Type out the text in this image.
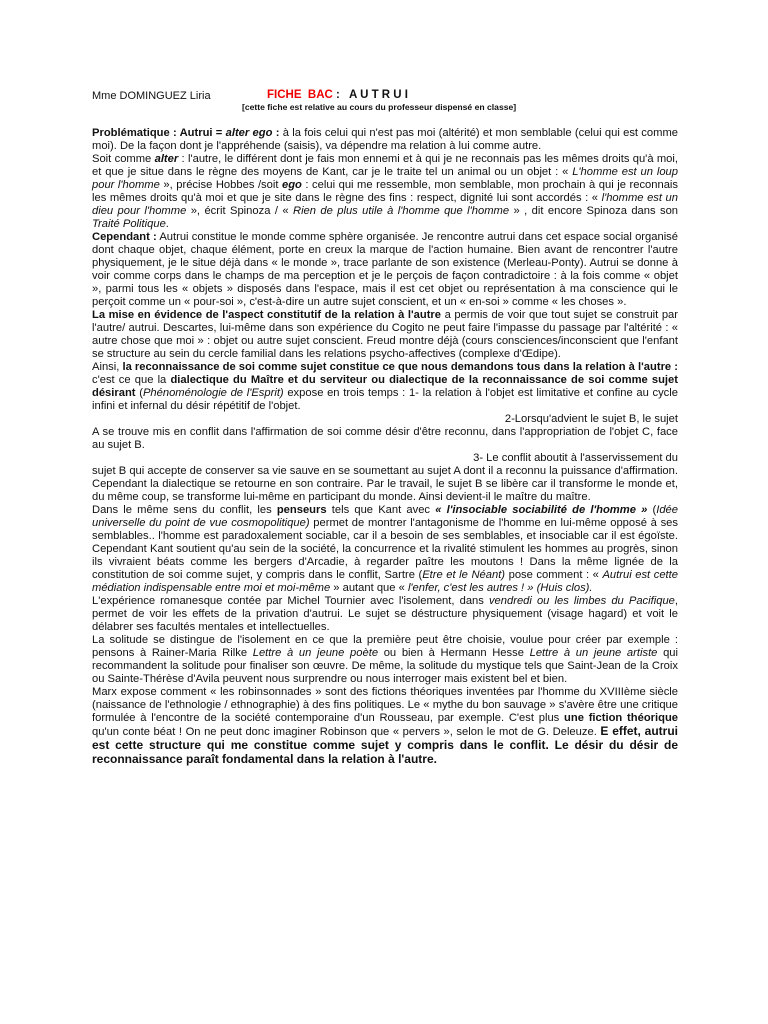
Mme DOMINGUEZ Liria	FICHE  BAC :   A U T R U I
[cette fiche est relative au cours du professeur dispensé en classe]

Problématique : Autrui = alter ego : à la fois celui qui n'est pas moi (altérité) et mon semblable (celui qui est comme moi). De la façon dont je l'appréhende (saisis), va dépendre ma relation à lui comme autre.

Soit comme alter : l'autre, le différent dont je fais mon ennemi et à qui je ne reconnais pas les mêmes droits qu'à moi, et que je situe dans le règne des moyens de Kant, car je le traite tel un animal ou un objet : « L'homme est un loup pour l'homme », précise Hobbes /soit ego : celui qui me ressemble, mon semblable, mon prochain à qui je reconnais les mêmes droits qu'à moi et que je site dans le règne des fins : respect, dignité lui sont accordés : « l'homme est un dieu pour l'homme », écrit Spinoza / « Rien de plus utile à l'homme que l'homme » , dit encore Spinoza dans son Traité Politique.

Cependant : Autrui constitue le monde comme sphère organisée. Je rencontre autrui dans cet espace social organisé dont chaque objet, chaque élément, porte en creux la marque de l'action humaine. Bien avant de rencontrer l'autre physiquement, je le situe déjà dans « le monde », trace parlante de son existence (Merleau-Ponty). Autrui se donne à voir comme corps dans le champs de ma perception et je le perçois de façon contradictoire : à la fois comme « objet », parmi tous les « objets » disposés dans l'espace, mais il est cet objet ou représentation à ma conscience qui le perçoit comme un « pour-soi », c'est-à-dire un autre sujet conscient, et un « en-soi » comme « les choses ».

La mise en évidence de l'aspect constitutif de la relation à l'autre a permis de voir que tout sujet se construit par l'autre/ autrui. Descartes, lui-même dans son expérience du Cogito ne peut faire l'impasse du passage par l'altérité : « autre chose que moi » : objet ou autre sujet conscient. Freud montre déjà (cours consciences/inconscient que l'enfant se structure au sein du cercle familial dans les relations psycho-affectives (complexe d'Œdipe).

Ainsi, la reconnaissance de soi comme sujet constitue ce que nous demandons tous dans la relation à l'autre : c'est ce que la dialectique du Maître et du serviteur ou dialectique de la reconnaissance de soi comme sujet désirant (Phénoménologie de l'Esprit) expose en trois temps : 1- la relation à l'objet est limitative et confine au cycle infini et infernal du désir répétitif de l'objet.

2-Lorsqu'advient le sujet B, le sujet

A se trouve mis en conflit dans l'affirmation de soi comme désir d'être reconnu, dans l'appropriation de l'objet C, face au sujet B.

3- Le conflit aboutit à l'asservissement du

sujet B qui accepte de conserver sa vie sauve en se soumettant au sujet A dont il a reconnu la puissance d'affirmation. Cependant la dialectique se retourne en son contraire. Par le travail, le sujet B se libère car il transforme le monde et, du même coup, se transforme lui-même en participant du monde. Ainsi devient-il le maître du maître.

Dans le même sens du conflit, les penseurs tels que Kant avec « l'insociable sociabilité de l'homme » (Idée universelle du point de vue cosmopolitique) permet de montrer l'antagonisme de l'homme en lui-même opposé à ses semblables.. l'homme est paradoxalement sociable, car il a besoin de ses semblables, et insociable car il est égoïste. Cependant Kant soutient qu'au sein de la société, la concurrence et la rivalité stimulent les hommes au progrès, sinon ils vivraient béats comme les bergers d'Arcadie, à regarder paître les moutons ! Dans la même lignée de la constitution de soi comme sujet, y compris dans le conflit, Sartre (Etre et le Néant) pose comment : « Autrui est cette médiation indispensable entre moi et moi-même » autant que « l'enfer, c'est les autres ! » (Huis clos).

L'expérience romanesque contée par Michel Tournier avec l'isolement, dans vendredi ou les limbes du Pacifique, permet de voir les effets de la privation d'autrui. Le sujet se déstructure physiquement (visage hagard) et voit le délabrer ses facultés mentales et intellectuelles.

La solitude se distingue de l'isolement en ce que la première peut être choisie, voulue pour créer par exemple : pensons à Rainer-Maria Rilke Lettre à un jeune poète ou bien à Hermann Hesse Lettre à un jeune artiste qui recommandent la solitude pour finaliser son œuvre. De même, la solitude du mystique tels que Saint-Jean de la Croix ou Sainte-Thérèse d'Avila peuvent nous surprendre ou nous interroger mais existent bel et bien.

Marx expose comment « les robinsonnades » sont des fictions théoriques inventées par l'homme du XVIIIème siècle (naissance de l'ethnologie / ethnographie) à des fins politiques. Le « mythe du bon sauvage » s'avère être une critique formulée à l'encontre de la société contemporaine d'un Rousseau, par exemple. C'est plus une fiction théorique qu'un conte béat ! On ne peut donc imaginer Robinson que « pervers », selon le mot de G. Deleuze. E effet, autrui est cette structure qui me constitue comme sujet y compris dans le conflit. Le désir du désir de reconnaissance paraît fondamental dans la relation à l'autre.
